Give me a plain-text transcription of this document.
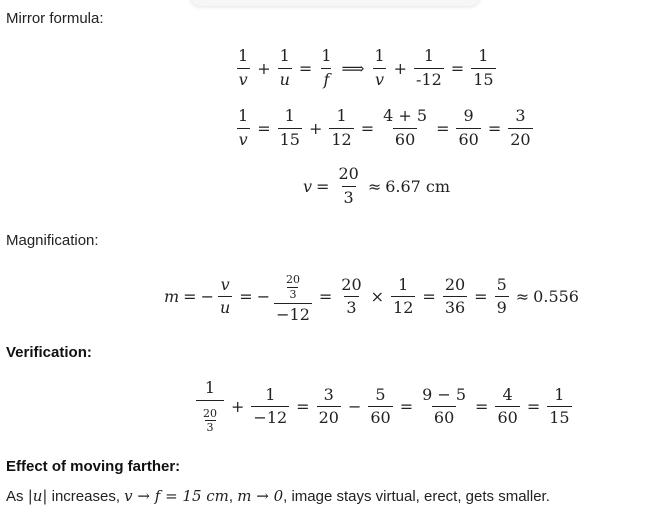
Mirror formula:
$\frac{1}{v} + \frac{1}{u} = \frac{1}{f}$ ⟹ $\frac{1}{v} + \frac{1}{-12} = \frac{1}{15}$
$\frac{1}{v} = \frac{1}{15} + \frac{1}{12} = \frac{4 + 5}{60} = \frac{9}{60} = \frac{3}{20}$
$v = \frac{20}{3} \approx 6.67$ cm
Magnification:
m = − $\frac{v}{u}$ = − $\frac{\frac{20}{3}}{-12} = \frac{20}{3} \times \frac{1}{12} = \frac{20}{36} = \frac{5}{9} \approx 0.556$
Verification:
$\frac{1}{\frac{20}{3}} + \frac{1}{-12} = \frac{3}{20} - \frac{5}{60} = \frac{9 - 5}{60} = \frac{4}{60} = \frac{1}{15}$
Effect of moving farther:
As |u| increases, v → f = 15 cm, m → 0, image stays virtual, erect, gets smaller.
